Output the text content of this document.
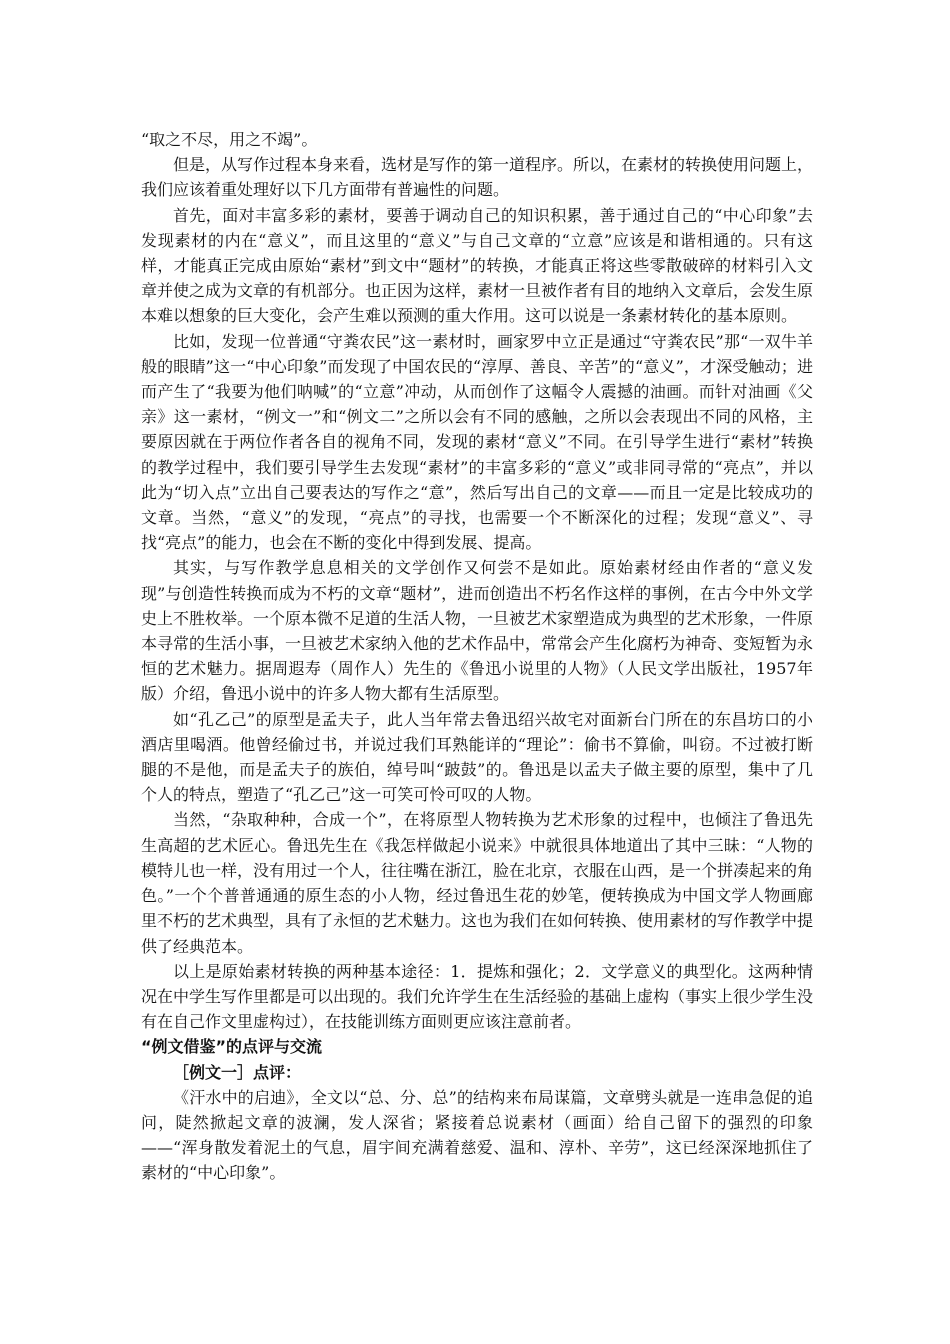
“取之不尽，用之不竭”。

但是，从写作过程本身来看，选材是写作的第一道程序。所以，在素材的转换使用问题上，我们应该着重处理好以下几方面带有普遍性的问题。

首先，面对丰富多彩的素材，要善于调动自己的知识积累，善于通过自己的“中心印象”去发现素材的内在“意义”，而且这里的“意义”与自己文章的“立意”应该是和谐相通的。只有这样，才能真正完成由原始“素材”到文中“题材”的转换，才能真正将这些零散破碎的材料引入文章并使之成为文章的有机部分。也正因为这样，素材一旦被作者有目的地纳入文章后，会发生原本难以想象的巨大变化，会产生难以预测的重大作用。这可以说是一条素材转化的基本原则。

比如，发现一位普通“守粪农民”这一素材时，画家罗中立正是通过“守粪农民”那“一双牛羊般的眼睛”这一“中心印象”而发现了中国农民的“淳厚、善良、辛苦”的“意义”，才深受触动；进而产生了“我要为他们呐喊”的“立意”冲动，从而创作了这幅令人震撼的油画。而针对油画《父亲》这一素材，“例文一”和“例文二”之所以会有不同的感触，之所以会表现出不同的风格，主要原因就在于两位作者各自的视角不同，发现的素材“意义”不同。在引导学生进行“素材”转换的教学过程中，我们要引导学生去发现“素材”的丰富多彩的“意义”或非同寻常的“亮点”，并以此为“切入点”立出自己要表达的写作之“意”，然后写出自己的文章——而且一定是比较成功的文章。当然，“意义”的发现，“亮点”的寻找，也需要一个不断深化的过程；发现“意义”、寻找“亮点”的能力，也会在不断的变化中得到发展、提高。

其实，与写作教学息息相关的文学创作又何尝不是如此。原始素材经由作者的“意义发现”与创造性转换而成为不朽的文章“题材”，进而创造出不朽名作这样的事例，在古今中外文学史上不胜枚举。一个原本微不足道的生活人物，一旦被艺术家塑造成为典型的艺术形象，一件原本寻常的生活小事，一旦被艺术家纳入他的艺术作品中，常常会产生化腐朽为神奇、变短暂为永恒的艺术魅力。据周遐寿（周作人）先生的《鲁迅小说里的人物》（人民文学出版社，1957年版）介绍，鲁迅小说中的许多人物大都有生活原型。

如“孔乙己”的原型是孟夫子，此人当年常去鲁迅绍兴故宅对面新台门所在的东昌坊口的小酒店里喝酒。他曾经偷过书，并说过我们耳熟能详的“理论”：偷书不算偷，叫窃。不过被打断腿的不是他，而是孟夫子的族伯，绰号叫“跛鼓”的。鲁迅是以孟夫子做主要的原型，集中了几个人的特点，塑造了“孔乙己”这一可笑可怜可叹的人物。

当然，“杂取种种，合成一个”，在将原型人物转换为艺术形象的过程中，也倾注了鲁迅先生高超的艺术匠心。鲁迅先生在《我怎样做起小说来》中就很具体地道出了其中三昧：“人物的模特儿也一样，没有用过一个人，往往嘴在浙江，脸在北京，衣服在山西，是一个拼凑起来的角色。”一个个普普通通的原生态的小人物，经过鲁迅生花的妙笔，便转换成为中国文学人物画廊里不朽的艺术典型，具有了永恒的艺术魅力。这也为我们在如何转换、使用素材的写作教学中提供了经典范本。

以上是原始素材转换的两种基本途径：1．提炼和强化；2．文学意义的典型化。这两种情况在中学生写作里都是可以出现的。我们允许学生在生活经验的基础上虚构（事实上很少学生没有在自己作文里虚构过），在技能训练方面则更应该注意前者。

“例文借鉴”的点评与交流

［例文一］点评：

《汗水中的启迪》，全文以“总、分、总”的结构来布局谋篇，文章劈头就是一连串急促的追问，陡然掀起文章的波澜，发人深省；紧接着总说素材（画面）给自己留下的强烈的印象——“浑身散发着泥土的气息，眉宇间充满着慈爱、温和、淳朴、辛劳”，这已经深深地抓住了素材的“中心印象”。
